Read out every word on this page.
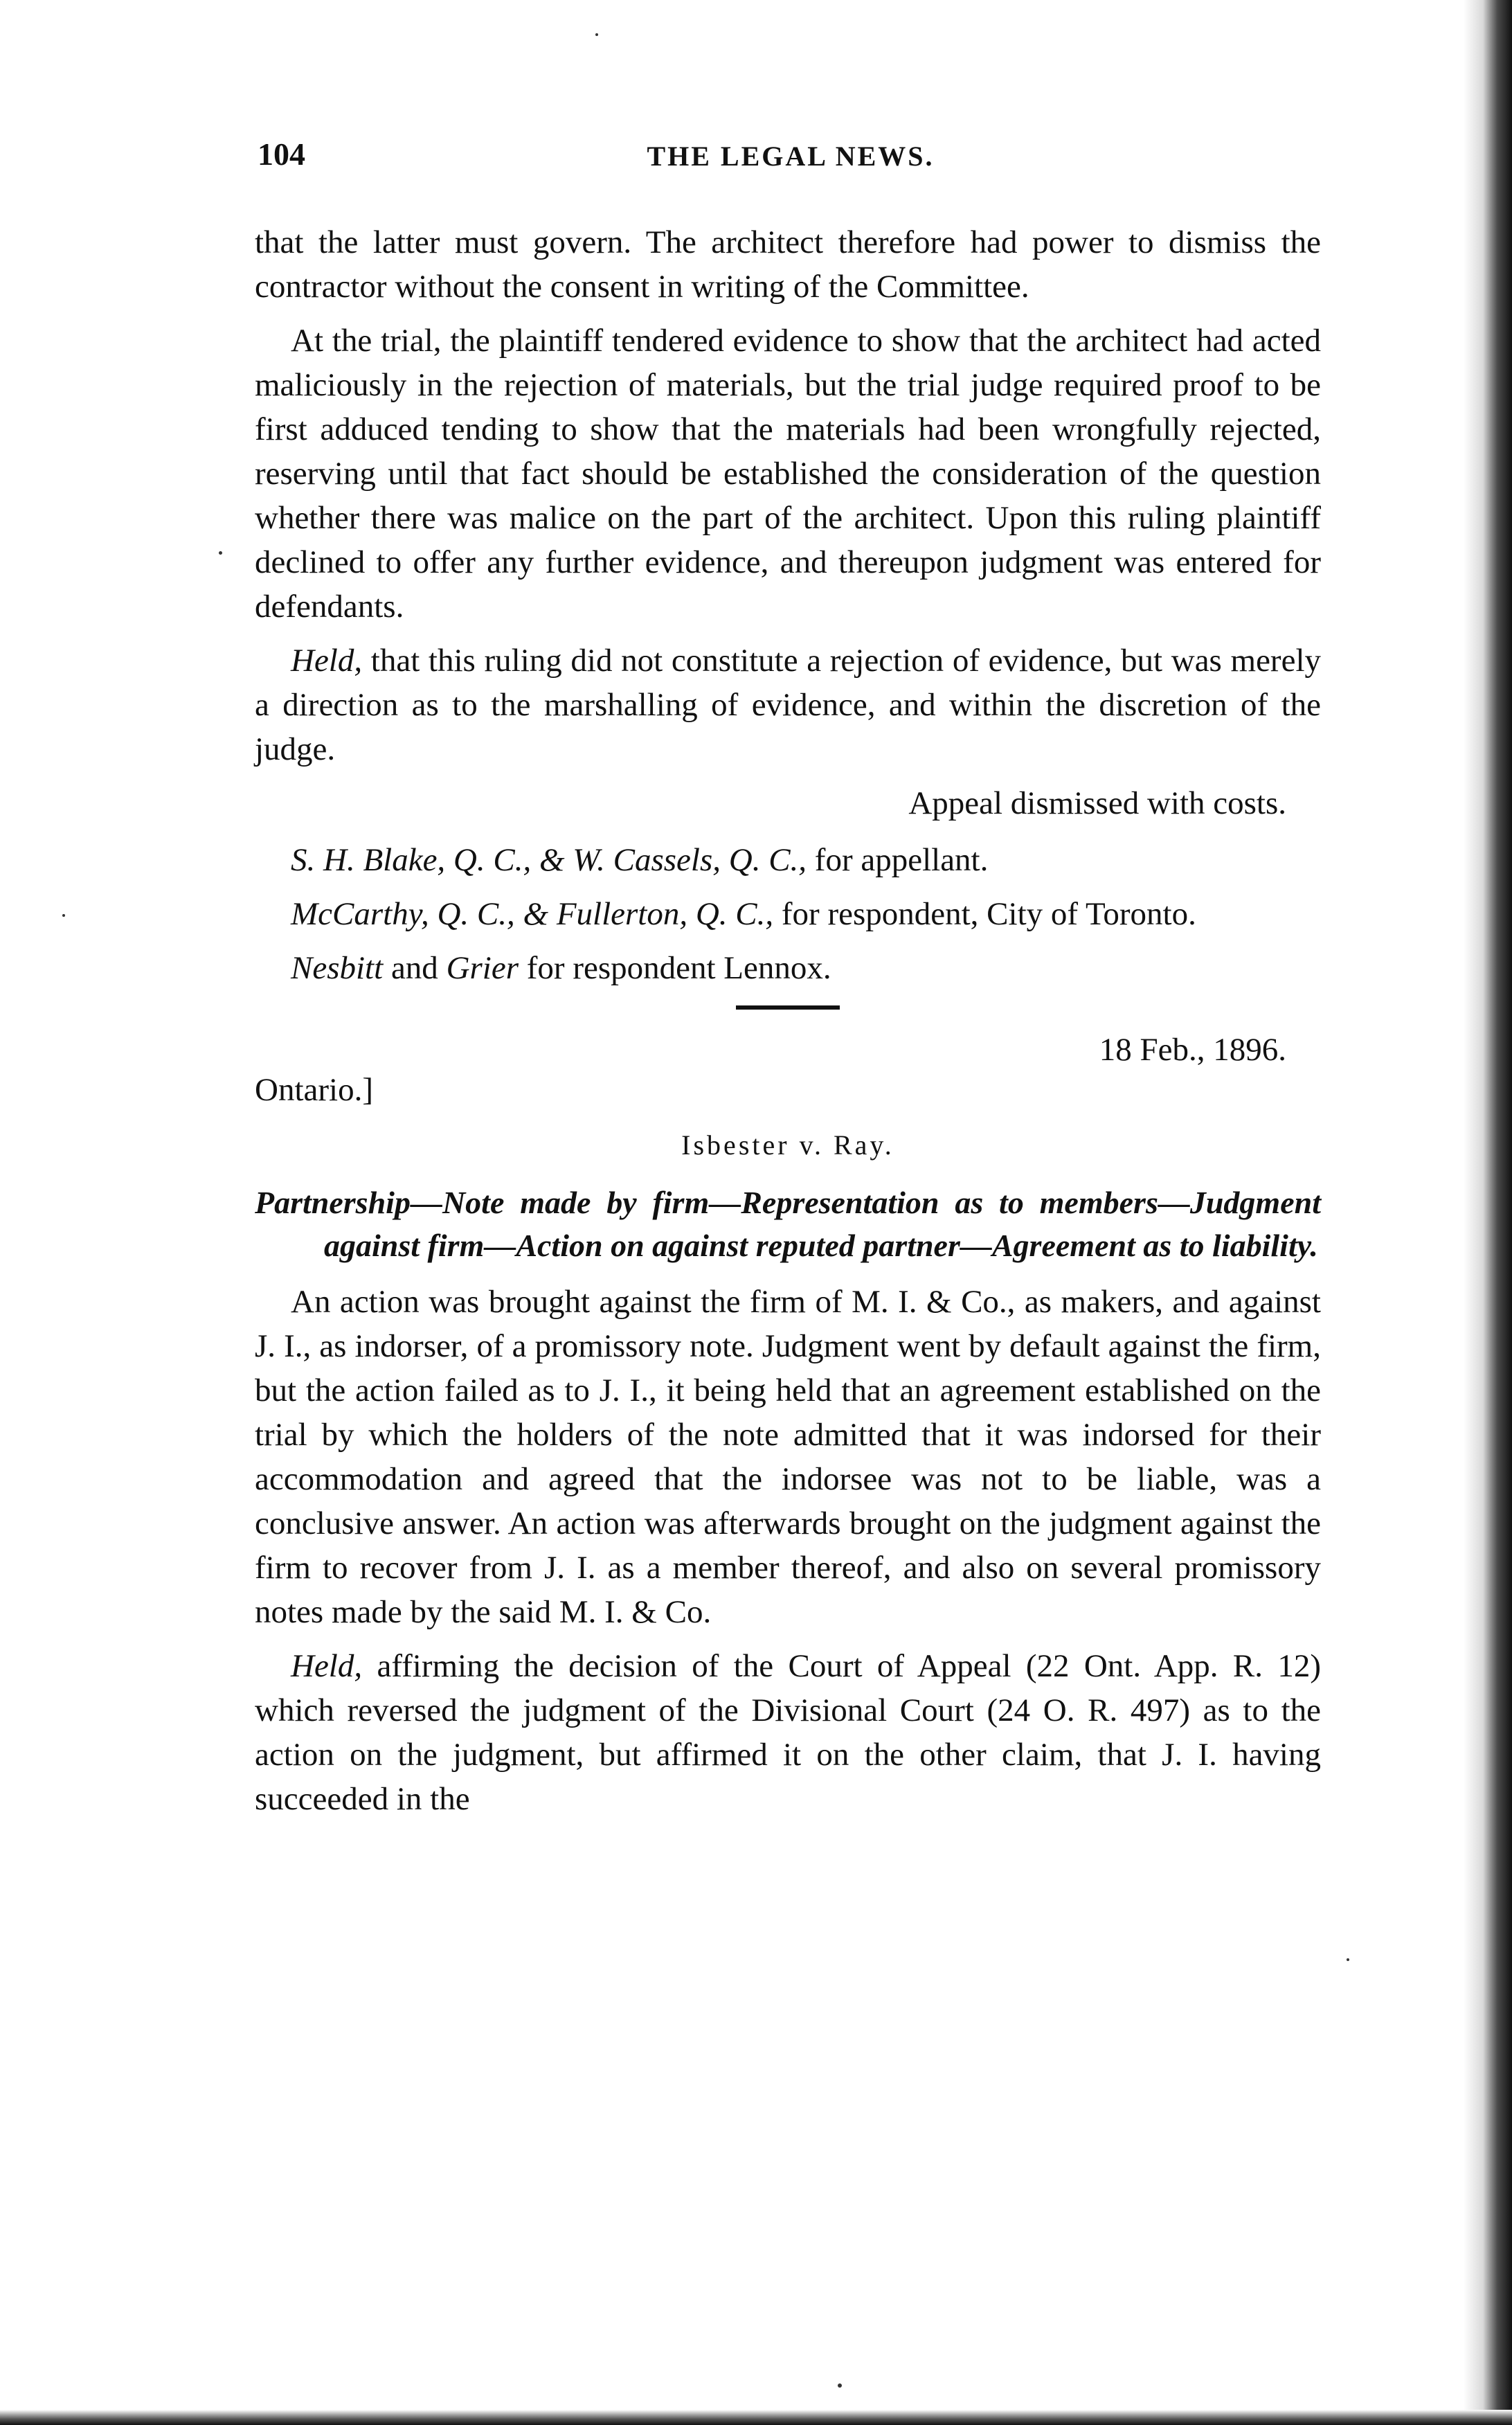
104	THE LEGAL NEWS.

that the latter must govern. The architect therefore had power to dismiss the contractor without the consent in writing of the Committee.

At the trial, the plaintiff tendered evidence to show that the architect had acted maliciously in the rejection of materials, but the trial judge required proof to be first adduced tending to show that the materials had been wrongfully rejected, reserving until that fact should be established the consideration of the question whether there was malice on the part of the architect. Upon this ruling plaintiff declined to offer any further evidence, and thereupon judgment was entered for defendants.

Held, that this ruling did not constitute a rejection of evidence, but was merely a direction as to the marshalling of evidence, and within the discretion of the judge.

Appeal dismissed with costs.

S. H. Blake, Q. C., & W. Cassels, Q. C., for appellant.

McCarthy, Q. C., & Fullerton, Q. C., for respondent, City of Toronto.

Nesbitt and Grier for respondent Lennox.

18 Feb., 1896.
Ontario.]
Isbester v. Ray.
Partnership—Note made by firm—Representation as to members—Judgment against firm—Action on against reputed partner—Agreement as to liability.

An action was brought against the firm of M. I. & Co., as makers, and against J. I., as indorser, of a promissory note. Judgment went by default against the firm, but the action failed as to J. I., it being held that an agreement established on the trial by which the holders of the note admitted that it was indorsed for their accommodation and agreed that the indorsee was not to be liable, was a conclusive answer. An action was afterwards brought on the judgment against the firm to recover from J. I. as a member thereof, and also on several promissory notes made by the said M. I. & Co.

Held, affirming the decision of the Court of Appeal (22 Ont. App. R. 12) which reversed the judgment of the Divisional Court (24 O. R. 497) as to the action on the judgment, but affirmed it on the other claim, that J. I. having succeeded in the
